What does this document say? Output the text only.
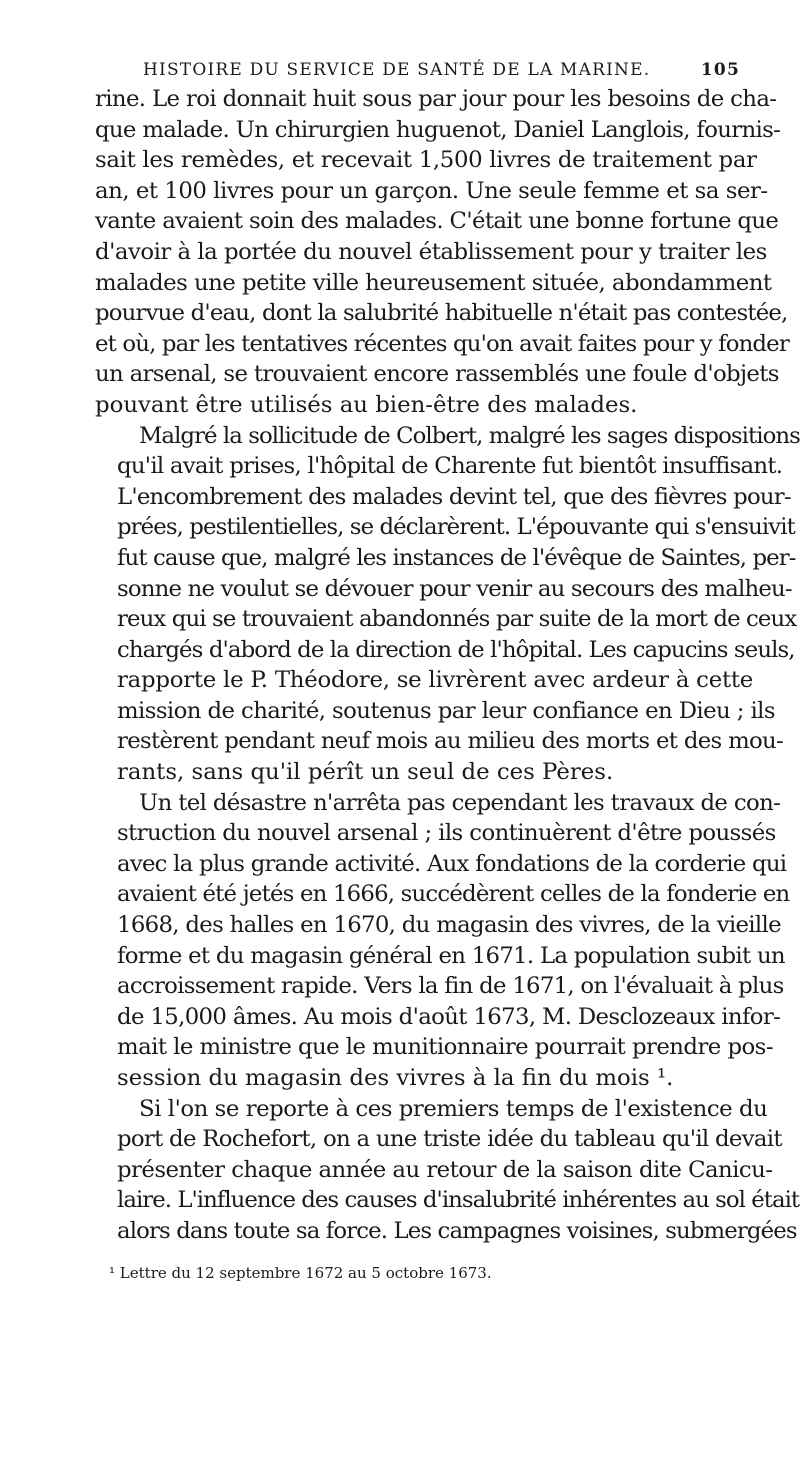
HISTOIRE DU SERVICE DE SANTÉ DE LA MARINE.	105

rine. Le roi donnait huit sous par jour pour les besoins de cha-
que malade. Un chirurgien huguenot, Daniel Langlois, fournis-
sait les remèdes, et recevait 1,500 livres de traitement par
an, et 100 livres pour un garçon. Une seule femme et sa ser-
vante avaient soin des malades. C'était une bonne fortune que
d'avoir à la portée du nouvel établissement pour y traiter les
malades une petite ville heureusement située, abondamment
pourvue d'eau, dont la salubrité habituelle n'était pas contestée,
et où, par les tentatives récentes qu'on avait faites pour y fonder
un arsenal, se trouvaient encore rassemblés une foule d'objets
pouvant être utilisés au bien-être des malades.

Malgré la sollicitude de Colbert, malgré les sages dispositions
qu'il avait prises, l'hôpital de Charente fut bientôt insuffisant.
L'encombrement des malades devint tel, que des fièvres pour-
prées, pestilentielles, se déclarèrent. L'épouvante qui s'ensuivit
fut cause que, malgré les instances de l'évêque de Saintes, per-
sonne ne voulut se dévouer pour venir au secours des malheu-
reux qui se trouvaient abandonnés par suite de la mort de ceux
chargés d'abord de la direction de l'hôpital. Les capucins seuls,
rapporte le P. Théodore, se livrèrent avec ardeur à cette
mission de charité, soutenus par leur confiance en Dieu ; ils
restèrent pendant neuf mois au milieu des morts et des mou-
rants, sans qu'il pérît un seul de ces Pères.

Un tel désastre n'arrêta pas cependant les travaux de con-
struction du nouvel arsenal ; ils continuèrent d'être poussés
avec la plus grande activité. Aux fondations de la corderie qui
avaient été jetés en 1666, succédèrent celles de la fonderie en
1668, des halles en 1670, du magasin des vivres, de la vieille
forme et du magasin général en 1671. La population subit un
accroissement rapide. Vers la fin de 1671, on l'évaluait à plus
de 15,000 âmes. Au mois d'août 1673, M. Desclozeaux infor-
mait le ministre que le munitionnaire pourrait prendre pos-
session du magasin des vivres à la fin du mois ¹.

Si l'on se reporte à ces premiers temps de l'existence du
port de Rochefort, on a une triste idée du tableau qu'il devait
présenter chaque année au retour de la saison dite Canicu-
laire. L'influence des causes d'insalubrité inhérentes au sol était
alors dans toute sa force. Les campagnes voisines, submergées

¹ Lettre du 12 septembre 1672 au 5 octobre 1673.
